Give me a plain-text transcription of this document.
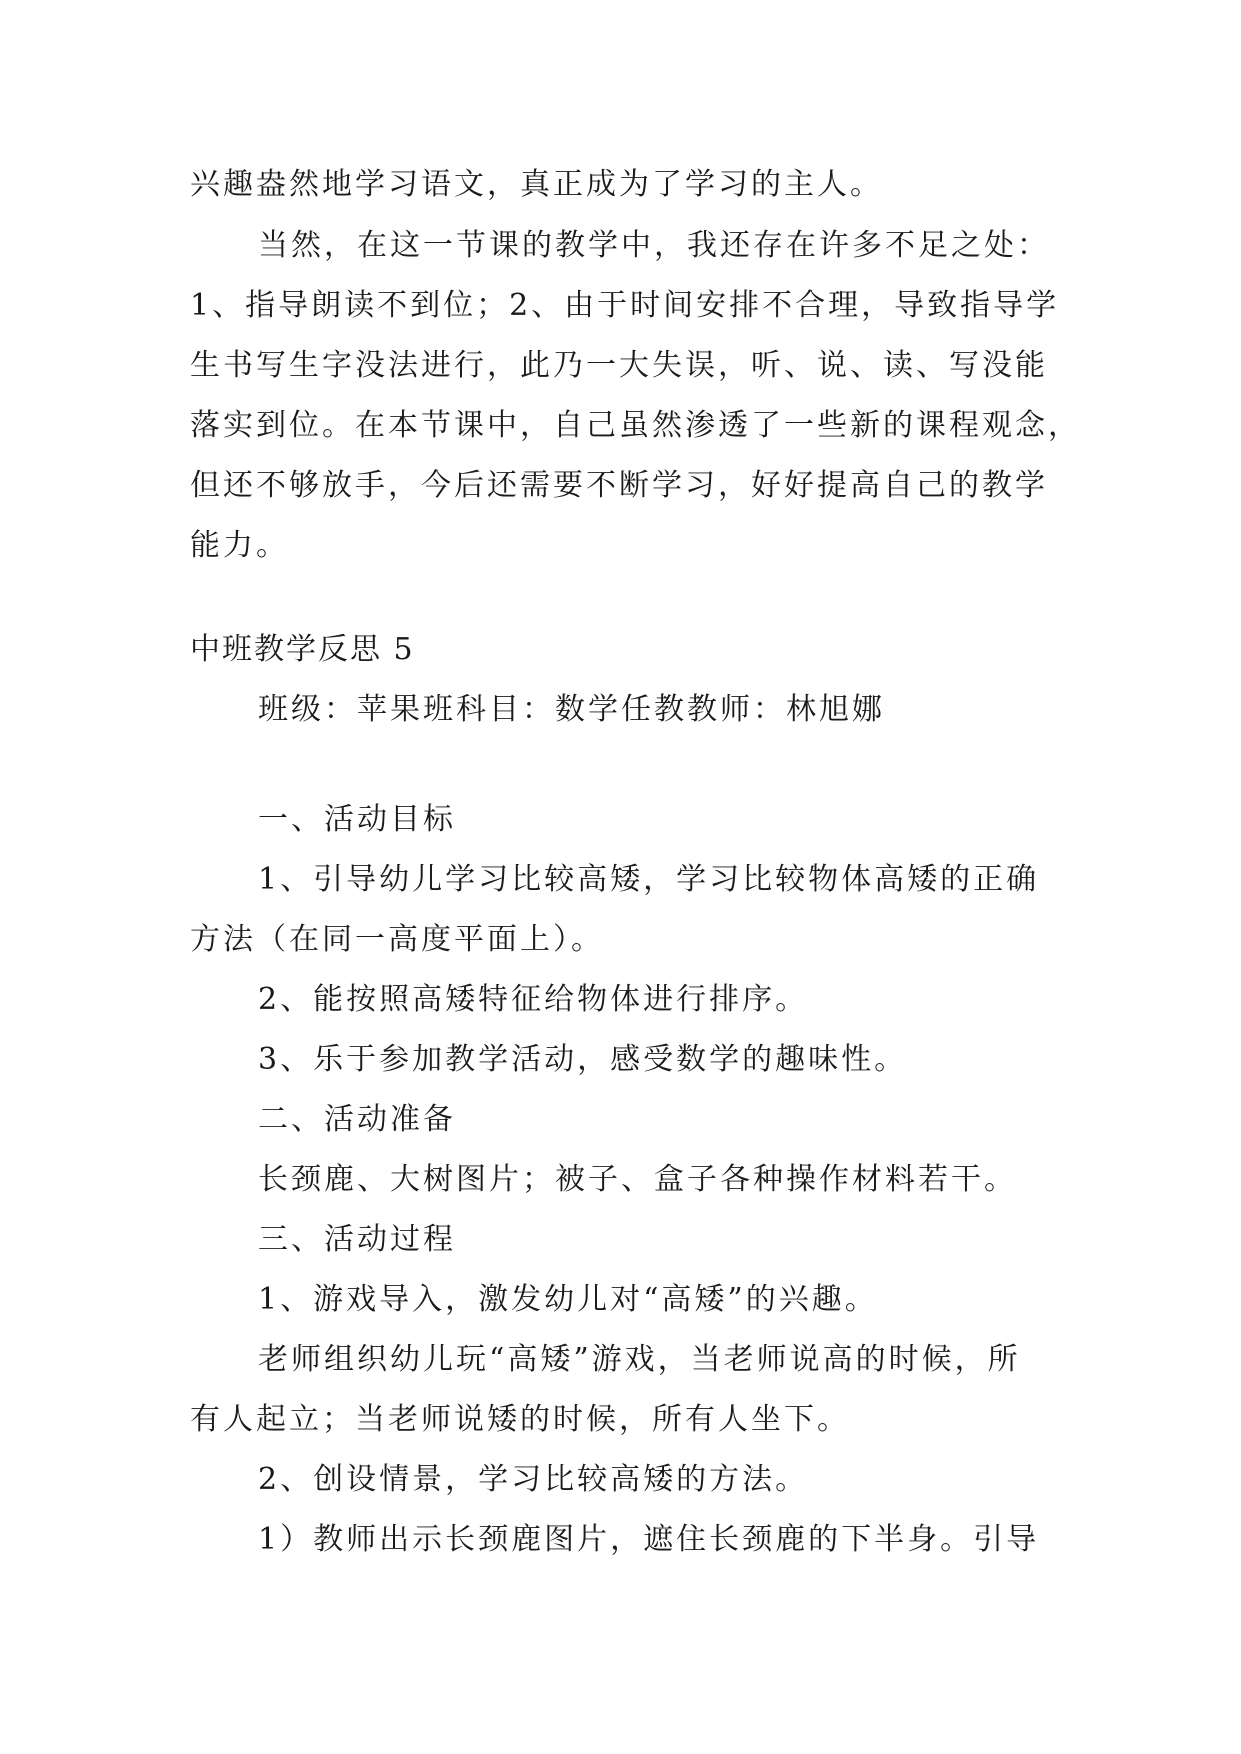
兴趣盎然地学习语文，真正成为了学习的主人。
当然，在这一节课的教学中，我还存在许多不足之处：
1、指导朗读不到位；2、由于时间安排不合理，导致指导学
生书写生字没法进行，此乃一大失误，听、说、读、写没能
落实到位。在本节课中，自己虽然渗透了一些新的课程观念，
但还不够放手，今后还需要不断学习，好好提高自己的教学
能力。
中班教学反思 5
班级：苹果班科目：数学任教教师：林旭娜
一、活动目标
1、引导幼儿学习比较高矮，学习比较物体高矮的正确
方法（在同一高度平面上）。
2、能按照高矮特征给物体进行排序。
3、乐于参加教学活动，感受数学的趣味性。
二、活动准备
长颈鹿、大树图片；被子、盒子各种操作材料若干。
三、活动过程
1、游戏导入，激发幼儿对“高矮”的兴趣。
老师组织幼儿玩“高矮”游戏，当老师说高的时候，所
有人起立；当老师说矮的时候，所有人坐下。
2、创设情景，学习比较高矮的方法。
1）教师出示长颈鹿图片，遮住长颈鹿的下半身。引导
